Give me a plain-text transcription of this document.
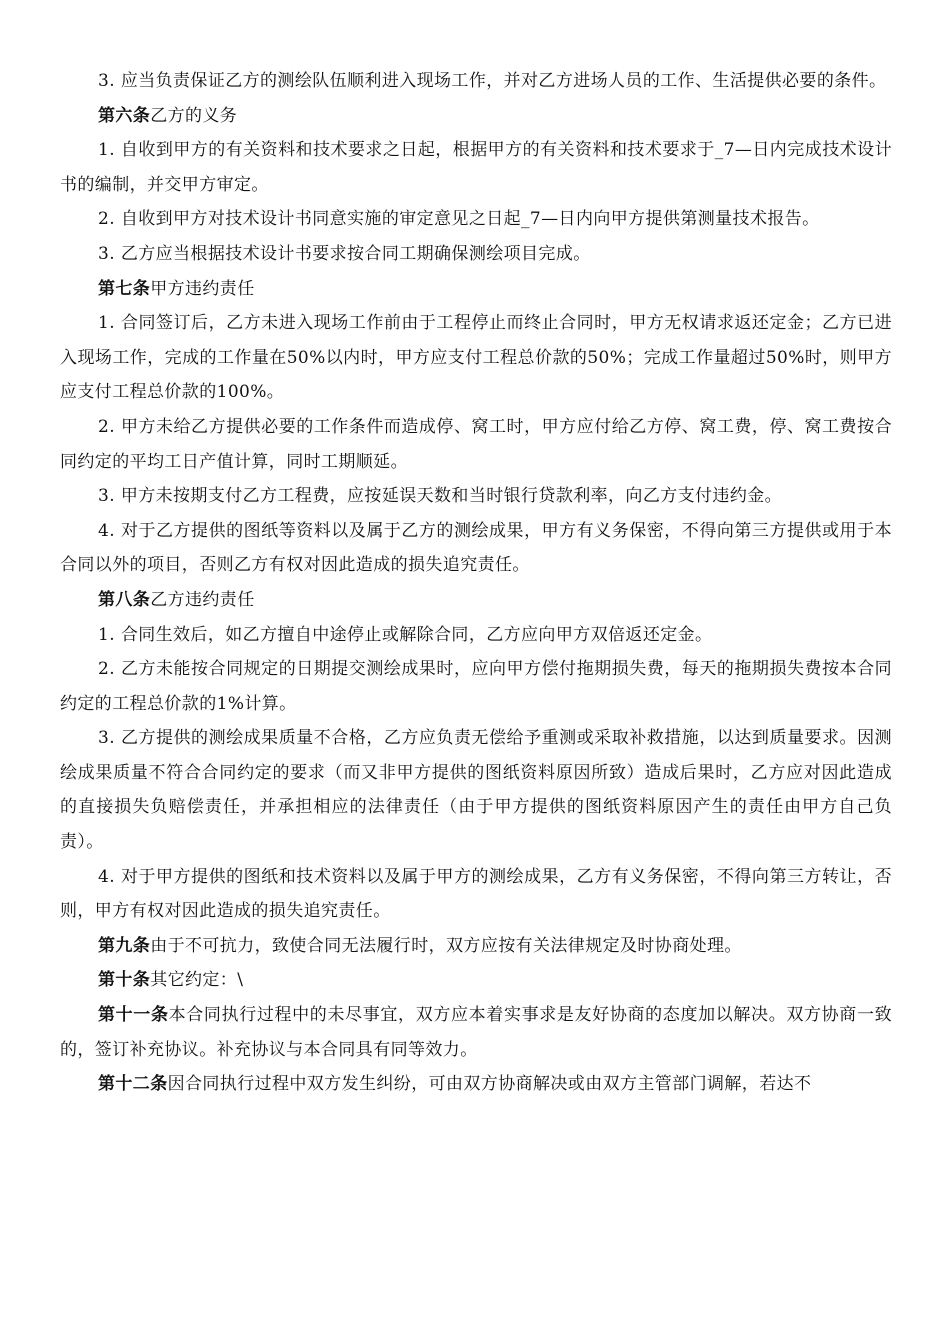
3. 应当负责保证乙方的测绘队伍顺利进入现场工作，并对乙方进场人员的工作、生活提供必要的条件。

第六条乙方的义务

1. 自收到甲方的有关资料和技术要求之日起，根据甲方的有关资料和技术要求于_7—日内完成技术设计书的编制，并交甲方审定。

2. 自收到甲方对技术设计书同意实施的审定意见之日起_7—日内向甲方提供第测量技术报告。

3. 乙方应当根据技术设计书要求按合同工期确保测绘项目完成。

第七条甲方违约责任

1. 合同签订后，乙方未进入现场工作前由于工程停止而终止合同时，甲方无权请求返还定金；乙方已进入现场工作，完成的工作量在50%以内时，甲方应支付工程总价款的50%；完成工作量超过50%时，则甲方应支付工程总价款的100%。

2. 甲方未给乙方提供必要的工作条件而造成停、窝工时，甲方应付给乙方停、窝工费，停、窝工费按合同约定的平均工日产值计算，同时工期顺延。

3. 甲方未按期支付乙方工程费，应按延误天数和当时银行贷款利率，向乙方支付违约金。

4. 对于乙方提供的图纸等资料以及属于乙方的测绘成果，甲方有义务保密，不得向第三方提供或用于本合同以外的项目，否则乙方有权对因此造成的损失追究责任。

第八条乙方违约责任

1. 合同生效后，如乙方擅自中途停止或解除合同，乙方应向甲方双倍返还定金。

2. 乙方未能按合同规定的日期提交测绘成果时，应向甲方偿付拖期损失费，每天的拖期损失费按本合同约定的工程总价款的1%计算。

3. 乙方提供的测绘成果质量不合格，乙方应负责无偿给予重测或采取补救措施，以达到质量要求。因测绘成果质量不符合合同约定的要求（而又非甲方提供的图纸资料原因所致）造成后果时，乙方应对因此造成的直接损失负赔偿责任，并承担相应的法律责任（由于甲方提供的图纸资料原因产生的责任由甲方自己负责）。

4. 对于甲方提供的图纸和技术资料以及属于甲方的测绘成果，乙方有义务保密，不得向第三方转让，否则，甲方有权对因此造成的损失追究责任。

第九条由于不可抗力，致使合同无法履行时，双方应按有关法律规定及时协商处理。

第十条其它约定：\

第十一条本合同执行过程中的未尽事宜，双方应本着实事求是友好协商的态度加以解决。双方协商一致的，签订补充协议。补充协议与本合同具有同等效力。

第十二条因合同执行过程中双方发生纠纷，可由双方协商解决或由双方主管部门调解，若达不
